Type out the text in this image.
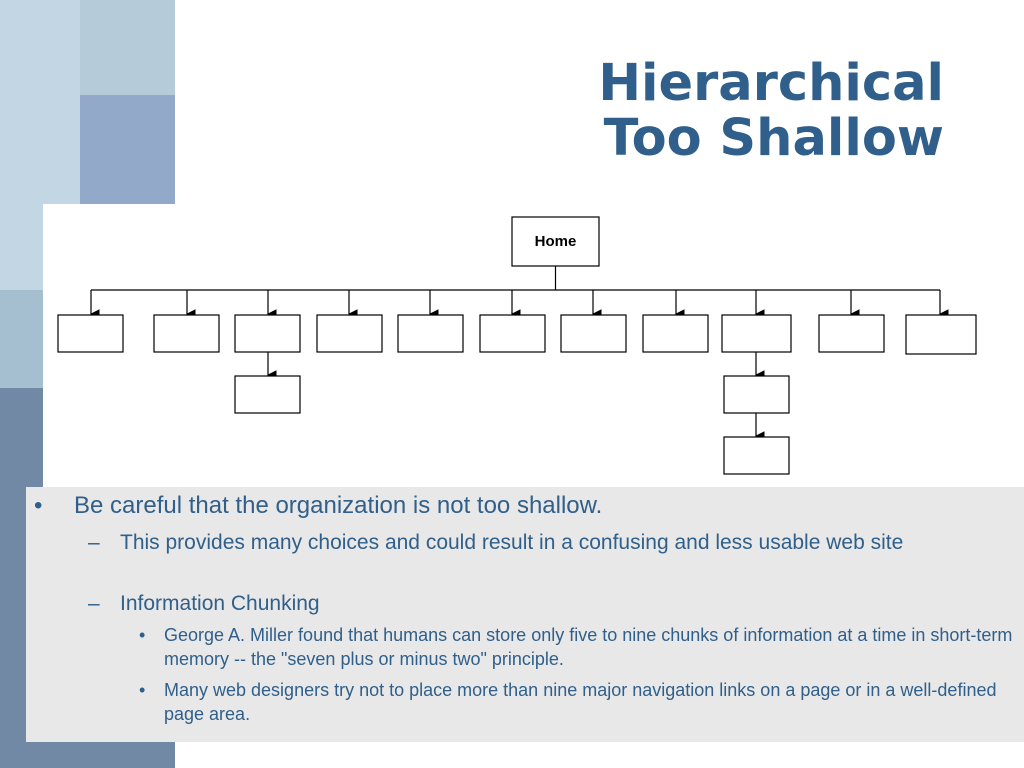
Hierarchical
Too Shallow
Home
• Be careful that the organization is not too shallow.
– This provides many choices and could result in a confusing and less usable web site
– Information Chunking
• George A. Miller found that humans can store only five to nine chunks of information at a time in short-term memory -- the "seven plus or minus two" principle.
• Many web designers try not to place more than nine major navigation links on a page or in a well-defined page area.
